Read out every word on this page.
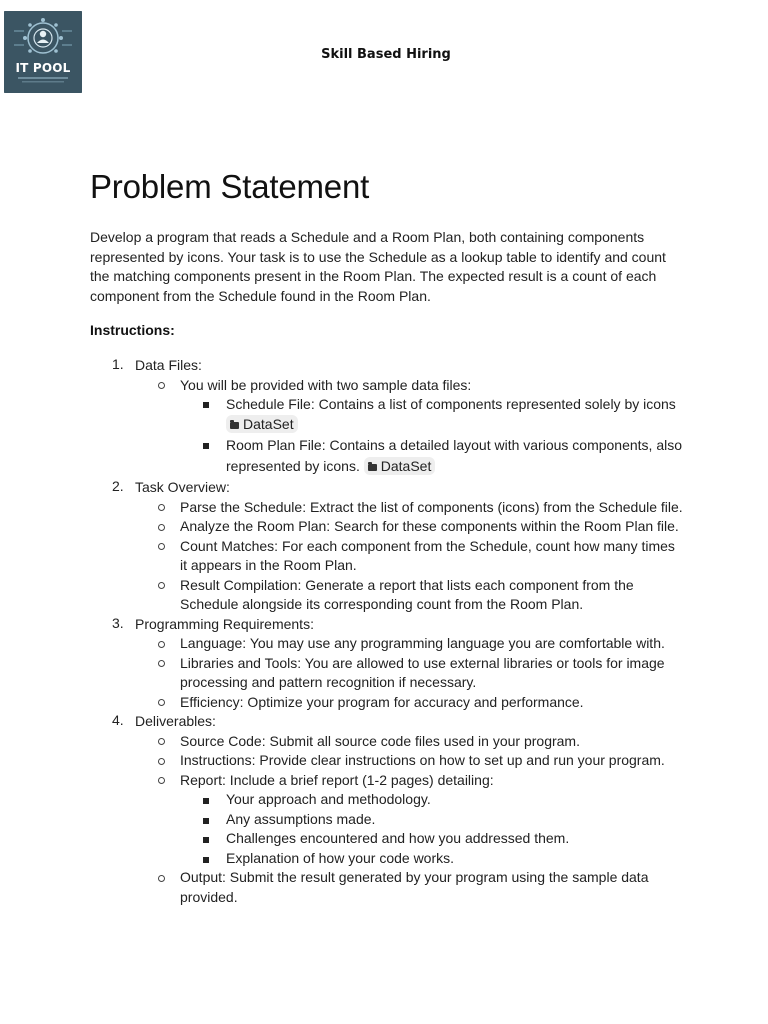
IT POOL
Skill Based Hiring
Problem Statement

Develop a program that reads a Schedule and a Room Plan, both containing components represented by icons. Your task is to use the Schedule as a lookup table to identify and count the matching components present in the Room Plan. The expected result is a count of each component from the Schedule found in the Room Plan.

Instructions:
1. Data Files:
You will be provided with two sample data files:
Schedule File: Contains a list of components represented solely by icons
DataSet
Room Plan File: Contains a detailed layout with various components, also
represented by icons. DataSet
2. Task Overview:
Parse the Schedule: Extract the list of components (icons) from the Schedule file.
Analyze the Room Plan: Search for these components within the Room Plan file.
Count Matches: For each component from the Schedule, count how many times
it appears in the Room Plan.
Result Compilation: Generate a report that lists each component from the
Schedule alongside its corresponding count from the Room Plan.
3. Programming Requirements:
Language: You may use any programming language you are comfortable with.
Libraries and Tools: You are allowed to use external libraries or tools for image
processing and pattern recognition if necessary.
Efficiency: Optimize your program for accuracy and performance.
4. Deliverables:
Source Code: Submit all source code files used in your program.
Instructions: Provide clear instructions on how to set up and run your program.
Report: Include a brief report (1-2 pages) detailing:
Your approach and methodology.
Any assumptions made.
Challenges encountered and how you addressed them.
Explanation of how your code works.
Output: Submit the result generated by your program using the sample data
provided.
